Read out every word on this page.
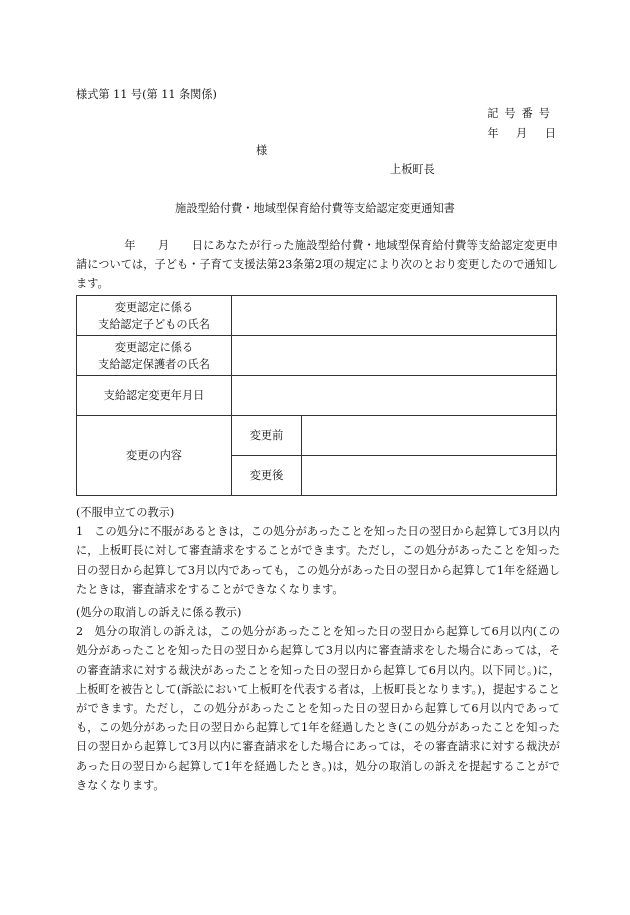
様式第 11 号(第 11 条関係)
記号番号
年 月 日
様
上板町長
施設型給付費・地域型保育給付費等支給認定変更通知書
年 月 日にあなたが行った施設型給付費・地域型保育給付費等支給認定変更申請については，子ども・子育て支援法第23条第2項の規定により次のとおり変更したので通知します。
変更認定に係る
支給認定子どもの氏名		
変更認定に係る
支給認定保護者の氏名		
支給認定変更年月日		
変更の内容	変更前	
	変更後	

(不服申立ての教示)

1　この処分に不服があるときは，この処分があったことを知った日の翌日から起算して3月以内に，上板町長に対して審査請求をすることができます。ただし，この処分があったことを知った日の翌日から起算して3月以内であっても，この処分があった日の翌日から起算して1年を経過したときは，審査請求をすることができなくなります。

(処分の取消しの訴えに係る教示)

2　処分の取消しの訴えは，この処分があったことを知った日の翌日から起算して6月以内(この処分があったことを知った日の翌日から起算して3月以内に審査請求をした場合にあっては，その審査請求に対する裁決があったことを知った日の翌日から起算して6月以内。以下同じ。)に，上板町を被告として(訴訟において上板町を代表する者は，上板町長となります。)，提起することができます。ただし，この処分があったことを知った日の翌日から起算して6月以内であっても，この処分があった日の翌日から起算して1年を経過したとき(この処分があったことを知った日の翌日から起算して3月以内に審査請求をした場合にあっては，その審査請求に対する裁決があった日の翌日から起算して1年を経過したとき。)は，処分の取消しの訴えを提起することができなくなります。
